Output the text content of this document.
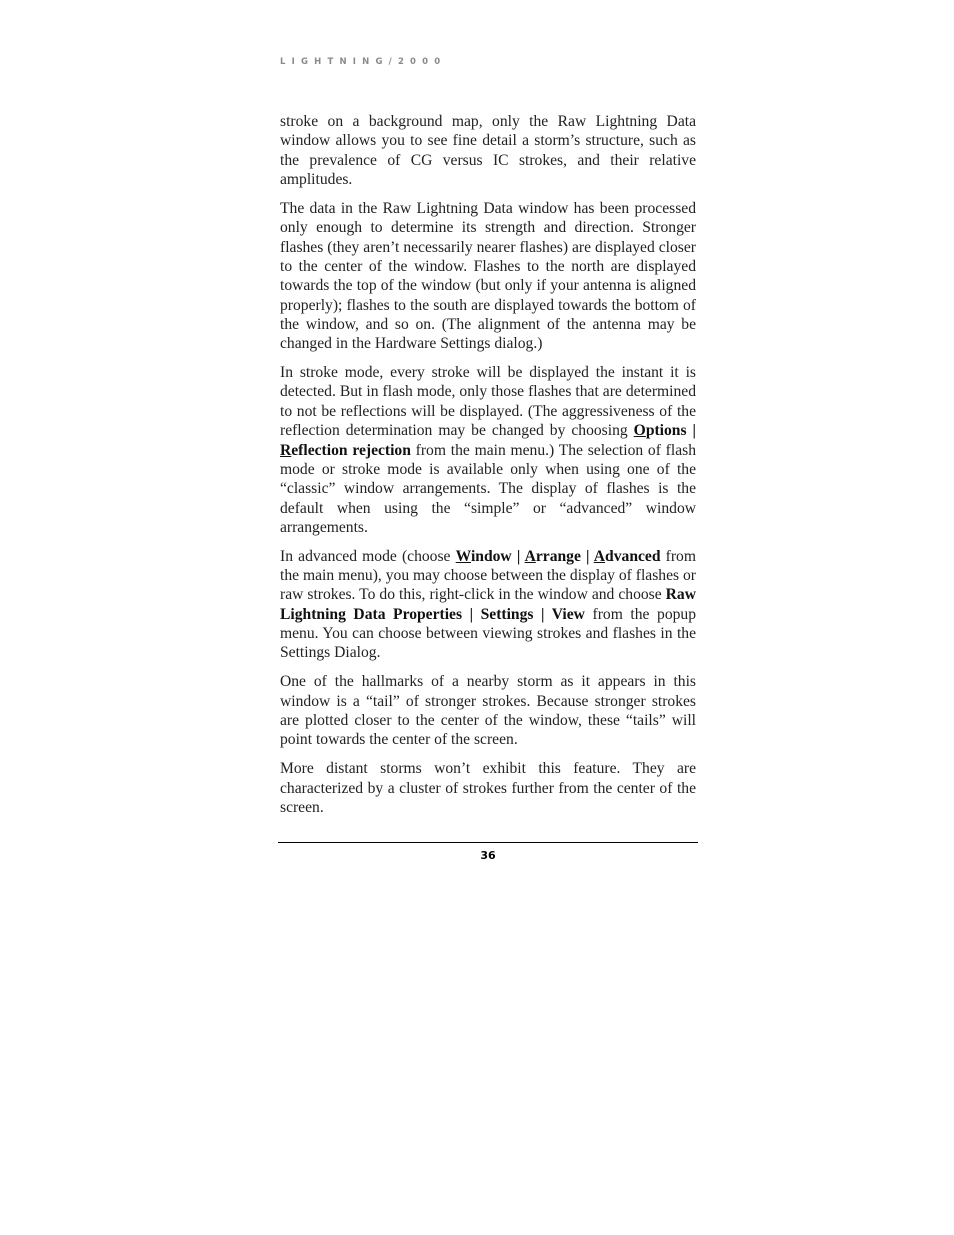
LIGHTNING/2000

stroke on a background map, only the Raw Lightning Data window allows you to see fine detail a storm’s structure, such as the prevalence of CG versus IC strokes, and their relative amplitudes.

The data in the Raw Lightning Data window has been processed only enough to determine its strength and direction. Stronger flashes (they aren’t necessarily nearer flashes) are displayed closer to the center of the window. Flashes to the north are displayed towards the top of the window (but only if your antenna is aligned properly); flashes to the south are displayed towards the bottom of the window, and so on. (The alignment of the antenna may be changed in the Hardware Settings dialog.)

In stroke mode, every stroke will be displayed the instant it is detected. But in flash mode, only those flashes that are determined to not be reflections will be displayed. (The aggressiveness of the reflection determination may be changed by choosing Options | Reflection rejection from the main menu.) The selection of flash mode or stroke mode is available only when using one of the “classic” window arrangements. The display of flashes is the default when using the “simple” or “advanced” window arrangements.

In advanced mode (choose Window | Arrange | Advanced from the main menu), you may choose between the display of flashes or raw strokes. To do this, right-click in the window and choose Raw Lightning Data Properties | Settings | View from the popup menu. You can choose between viewing strokes and flashes in the Settings Dialog.

One of the hallmarks of a nearby storm as it appears in this window is a “tail” of stronger strokes. Because stronger strokes are plotted closer to the center of the window, these “tails” will point towards the center of the screen.

More distant storms won’t exhibit this feature. They are characterized by a cluster of strokes further from the center of the screen.

36
